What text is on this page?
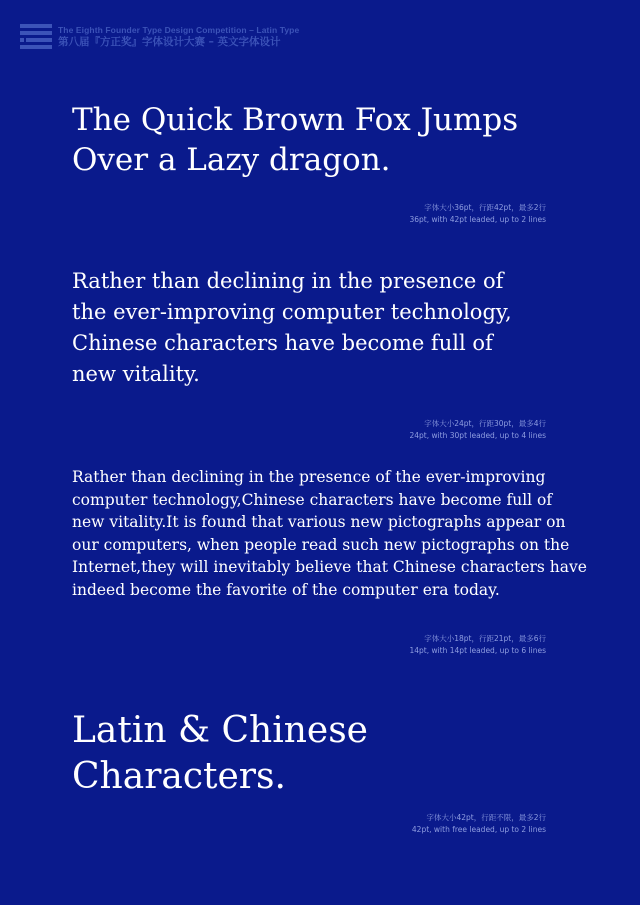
The Eighth Founder Type Design Competition – Latin Type
第八届『方正奖』字体设计大赛 – 英文字体设计

The Quick Brown Fox Jumps

Over a Lazy dragon.

字体大小36pt，行距42pt，最多2行
36pt, with 42pt leaded, up to 2 lines

Rather than declining in the presence of

the ever-improving computer technology,

Chinese characters have become full of

new vitality.

字体大小24pt，行距30pt，最多4行
24pt, with 30pt leaded, up to 4 lines

Rather than declining in the presence of the ever-improving

computer technology,Chinese characters have become full of

new vitality.It is found that various new pictographs appear on

our computers, when people read such new pictographs on the

Internet,they will inevitably believe that Chinese characters have

indeed become the favorite of the computer era today.

字体大小18pt，行距21pt，最多6行
14pt, with 14pt leaded, up to 6 lines

Latin & Chinese

Characters.

字体大小42pt，行距不限，最多2行
42pt, with free leaded, up to 2 lines
